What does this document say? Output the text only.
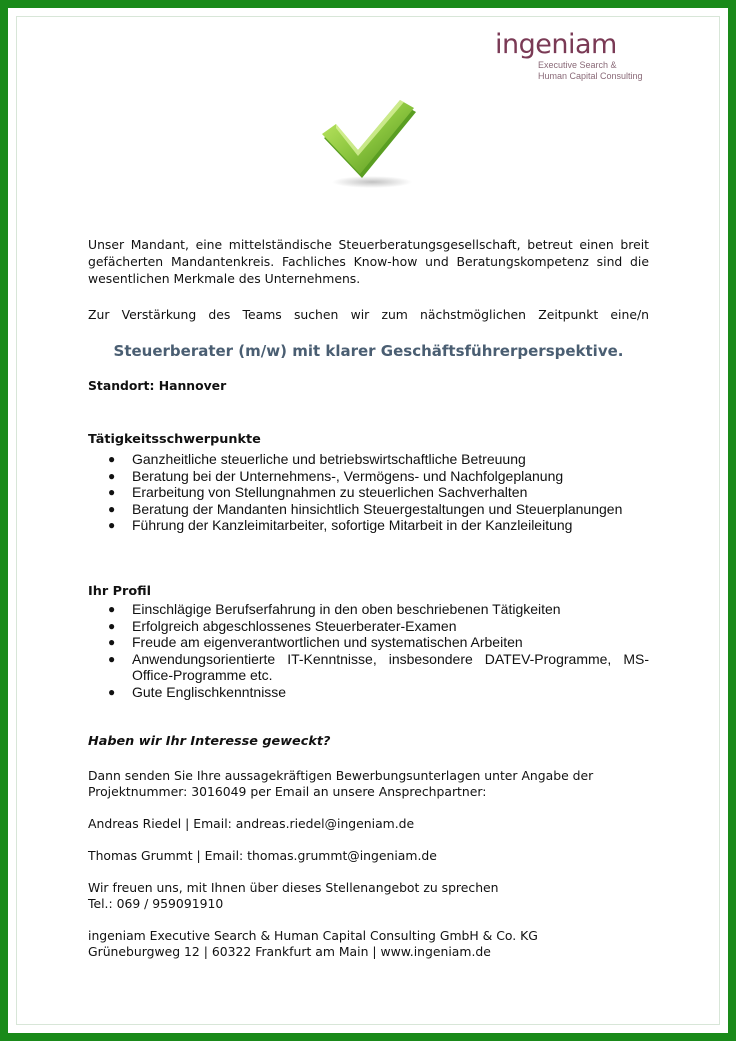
ingeniam
Executive Search &
Human Capital Consulting

Unser Mandant, eine mittelständische Steuerberatungsgesellschaft, betreut einen breit gefächerten Mandantenkreis. Fachliches Know-how und Beratungskompetenz sind die wesentlichen Merkmale des Unternehmens.

Zur Verstärkung des Teams suchen wir zum nächstmöglichen Zeitpunkt eine/n

Steuerberater (m/w) mit klarer Geschäftsführerperspektive.
Standort: Hannover
Tätigkeitsschwerpunkte
● Ganzheitliche steuerliche und betriebswirtschaftliche Betreuung
● Beratung bei der Unternehmens-, Vermögens- und Nachfolgeplanung
● Erarbeitung von Stellungnahmen zu steuerlichen Sachverhalten
● Beratung der Mandanten hinsichtlich Steuergestaltungen und Steuerplanungen
● Führung der Kanzleimitarbeiter, sofortige Mitarbeit in der Kanzleileitung
Ihr Profil
● Einschlägige Berufserfahrung in den oben beschriebenen Tätigkeiten
● Erfolgreich abgeschlossenes Steuerberater-Examen
● Freude am eigenverantwortlichen und systematischen Arbeiten
● Anwendungsorientierte IT-Kenntnisse, insbesondere DATEV-Programme, MS-Office-Programme etc.
● Gute Englischkenntnisse
Haben wir Ihr Interesse geweckt?
Dann senden Sie Ihre aussagekräftigen Bewerbungsunterlagen unter Angabe der Projektnummer: 3016049 per Email an unsere Ansprechpartner:
Andreas Riedel | Email: andreas.riedel@ingeniam.de
Thomas Grummt | Email: thomas.grummt@ingeniam.de
Wir freuen uns, mit Ihnen über dieses Stellenangebot zu sprechen
Tel.: 069 / 959091910
ingeniam Executive Search & Human Capital Consulting GmbH & Co. KG
Grüneburgweg 12 | 60322 Frankfurt am Main | www.ingeniam.de
